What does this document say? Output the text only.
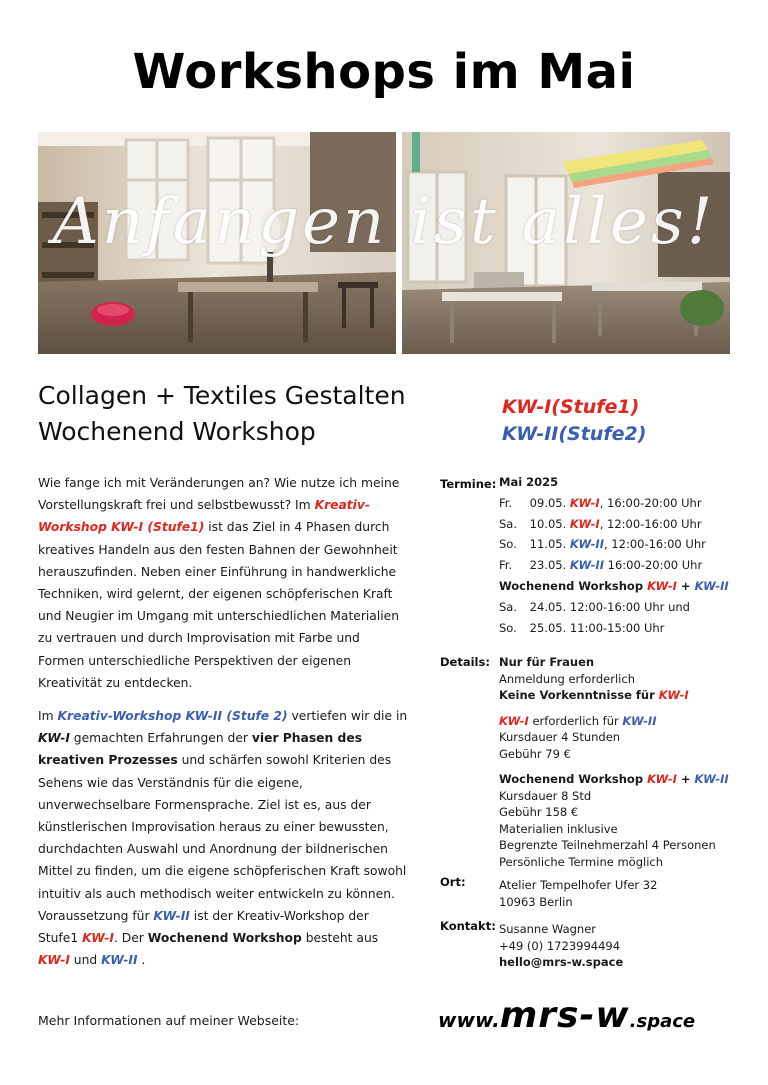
Workshops im Mai
Anfangen ist alles!
Collagen + Textiles Gestalten
Wochenend Workshop
KW-I(Stufe1)
KW-II(Stufe2)

Wie fange ich mit Veränderungen an? Wie nutze ich meine Vorstellungskraft frei und selbstbewusst? Im Kreativ-Workshop KW-I (Stufe1) ist das Ziel in 4 Phasen durch kreatives Handeln aus den festen Bahnen der Gewohnheit herauszufinden. Neben einer Einführung in handwerkliche Techniken, wird gelernt, der eigenen schöpferischen Kraft und Neugier im Umgang mit unterschiedlichen Materialien zu vertrauen und durch Improvisation mit Farbe und Formen unterschiedliche Perspektiven der eigenen Kreativität zu entdecken.

Im Kreativ-Workshop KW-II (Stufe 2) vertiefen wir die in KW-I gemachten Erfahrungen der vier Phasen des kreativen Prozesses und schärfen sowohl Kriterien des Sehens wie das Verständnis für die eigene, unverwechselbare Formensprache. Ziel ist es, aus der künstlerischen Improvisation heraus zu einer bewussten, durchdachten Auswahl und Anordnung der bildnerischen Mittel zu finden, um die eigene schöpferischen Kraft sowohl intuitiv als auch methodisch weiter entwickeln zu können. Voraussetzung für KW-II ist der Kreativ-Workshop der Stufe1 KW-I. Der Wochenend Workshop besteht aus KW-I und KW-II .

Termine: Mai 2025
Fr. 09.05. KW-I, 16:00-20:00 Uhr
Sa. 10.05. KW-I, 12:00-16:00 Uhr
So. 11.05. KW-II, 12:00-16:00 Uhr
Fr. 23.05. KW-II 16:00-20:00 Uhr
Wochenend Workshop KW-I + KW-II
Sa. 24.05. 12:00-16:00 Uhr und
So. 25.05. 11:00-15:00 Uhr
Details: Nur für Frauen
Anmeldung erforderlich
Keine Vorkenntnisse für KW-I
KW-I erforderlich für KW-II
Kursdauer 4 Stunden
Gebühr 79 €
Wochenend Workshop KW-I + KW-II
Kursdauer 8 Std
Gebühr 158 €
Materialien inklusive
Begrenzte Teilnehmerzahl 4 Personen
Persönliche Termine möglich
Ort:	Atelier Tempelhofer Ufer 32
10963 Berlin
Kontakt: Susanne Wagner
+49 (0) 1723994494
hello@mrs-w.space
Mehr Informationen auf meiner Webseite:	www.mrs-w.space
